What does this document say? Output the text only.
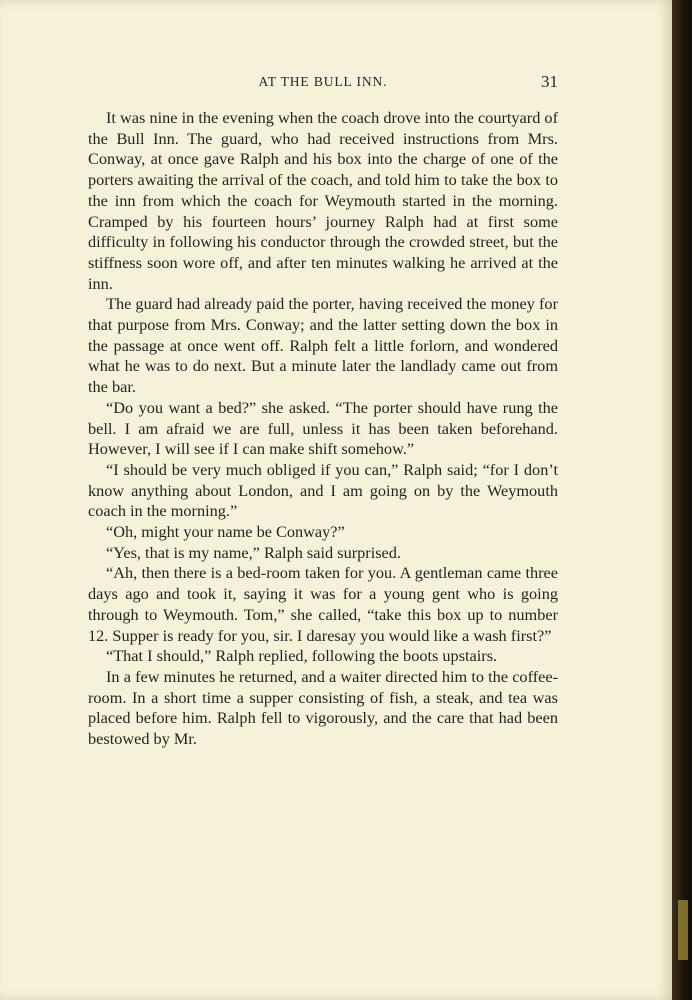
AT THE BULL INN.	31

It was nine in the evening when the coach drove into the courtyard of the Bull Inn. The guard, who had received instructions from Mrs. Conway, at once gave Ralph and his box into the charge of one of the porters awaiting the arrival of the coach, and told him to take the box to the inn from which the coach for Weymouth started in the morning. Cramped by his fourteen hours’ journey Ralph had at first some difficulty in following his conductor through the crowded street, but the stiffness soon wore off, and after ten minutes walking he arrived at the inn.

The guard had already paid the porter, having received the money for that purpose from Mrs. Conway; and the latter setting down the box in the passage at once went off. Ralph felt a little forlorn, and wondered what he was to do next. But a minute later the landlady came out from the bar.

“Do you want a bed?” she asked. “The porter should have rung the bell. I am afraid we are full, unless it has been taken beforehand. However, I will see if I can make shift somehow.”

“I should be very much obliged if you can,” Ralph said; “for I don’t know anything about London, and I am going on by the Weymouth coach in the morning.”

“Oh, might your name be Conway?”

“Yes, that is my name,” Ralph said surprised.

“Ah, then there is a bed-room taken for you. A gentleman came three days ago and took it, saying it was for a young gent who is going through to Weymouth. Tom,” she called, “take this box up to number 12. Supper is ready for you, sir. I daresay you would like a wash first?”

“That I should,” Ralph replied, following the boots upstairs.

In a few minutes he returned, and a waiter directed him to the coffee-room. In a short time a supper consisting of fish, a steak, and tea was placed before him. Ralph fell to vigorously, and the care that had been bestowed by Mr.
